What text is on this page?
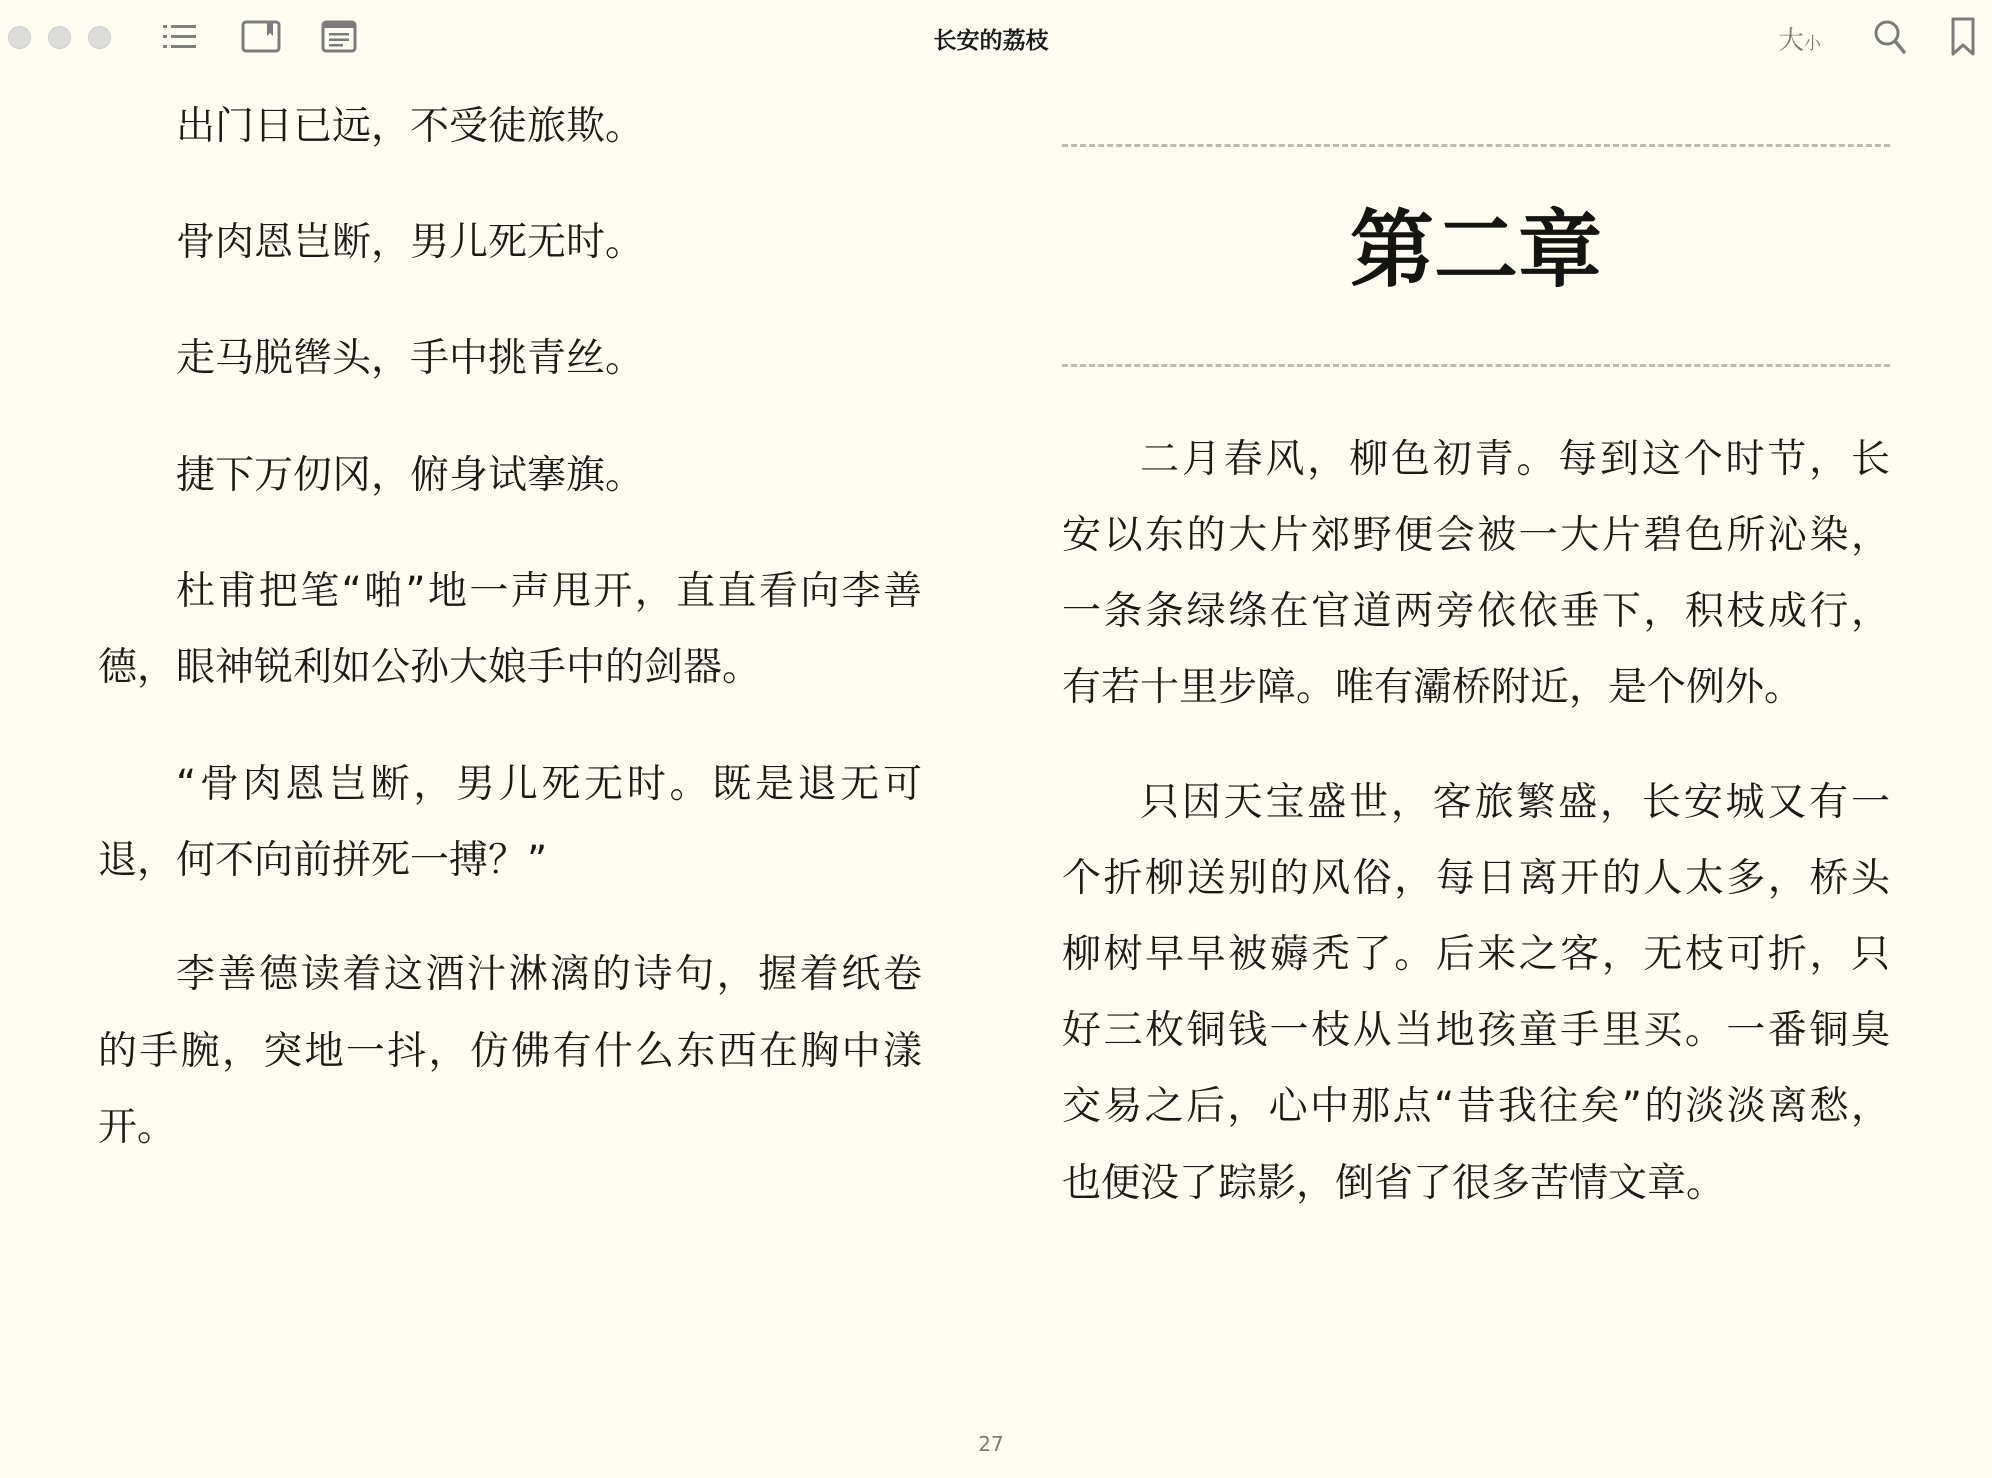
长安的荔枝	大小
出门日已远，不受徒旅欺。
骨肉恩岂断，男儿死无时。
走马脱辔头，手中挑青丝。
捷下万仞冈，俯身试搴旗。
杜甫把笔“啪”地一声甩开，直直看向李善
德，眼神锐利如公孙大娘手中的剑器。
“骨肉恩岂断，男儿死无时。既是退无可
退，何不向前拼死一搏？”
李善德读着这酒汁淋漓的诗句，握着纸卷
的手腕，突地一抖，仿佛有什么东西在胸中漾
开。
第二章
二月春风，柳色初青。每到这个时节，长
安以东的大片郊野便会被一大片碧色所沁染，
一条条绿绦在官道两旁依依垂下，积枝成行，
有若十里步障。唯有灞桥附近，是个例外。
只因天宝盛世，客旅繁盛，长安城又有一
个折柳送别的风俗，每日离开的人太多，桥头
柳树早早被薅秃了。后来之客，无枝可折，只
好三枚铜钱一枝从当地孩童手里买。一番铜臭
交易之后，心中那点“昔我往矣”的淡淡离愁，
也便没了踪影，倒省了很多苦情文章。
27
